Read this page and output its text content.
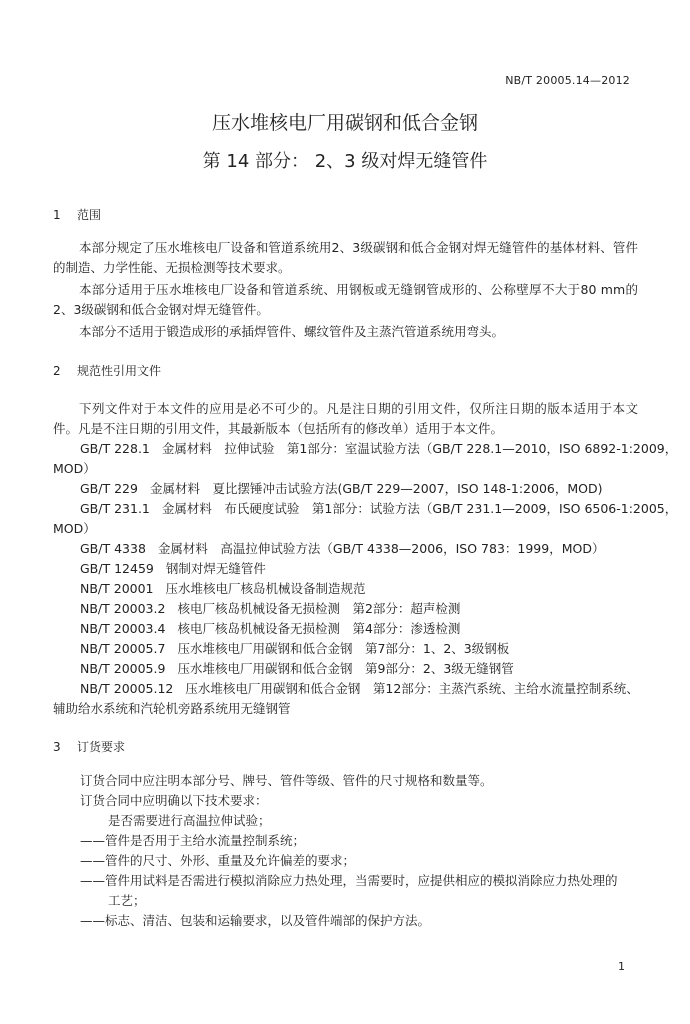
NB/T 20005.14—2012
压水堆核电厂用碳钢和低合金钢
第 14 部分： 2、3 级对焊无缝管件
1 范围
本部分规定了压水堆核电厂设备和管道系统用2、3级碳钢和低合金钢对焊无缝管件的基体材料、管件的制造、力学性能、无损检测等技术要求。
本部分适用于压水堆核电厂设备和管道系统、用钢板或无缝钢管成形的、公称壁厚不大于80 mm的2、3级碳钢和低合金钢对焊无缝管件。
本部分不适用于锻造成形的承插焊管件、螺纹管件及主蒸汽管道系统用弯头。
2 规范性引用文件
下列文件对于本文件的应用是必不可少的。凡是注日期的引用文件，仅所注日期的版本适用于本文件。凡是不注日期的引用文件，其最新版本（包括所有的修改单）适用于本文件。
GB/T 228.1 金属材料　拉伸试验　第1部分：室温试验方法（GB/T 228.1—2010，ISO 6892-1:2009，
MOD）
GB/T 229 金属材料　夏比摆锤冲击试验方法(GB/T 229—2007，ISO 148-1:2006，MOD)
GB/T 231.1 金属材料　布氏硬度试验　第1部分：试验方法（GB/T 231.1—2009，ISO 6506-1:2005，
MOD）
GB/T 4338 金属材料　高温拉伸试验方法（GB/T 4338—2006，ISO 783：1999，MOD）
GB/T 12459 钢制对焊无缝管件
NB/T 20001 压水堆核电厂核岛机械设备制造规范
NB/T 20003.2 核电厂核岛机械设备无损检测　第2部分：超声检测
NB/T 20003.4 核电厂核岛机械设备无损检测　第4部分：渗透检测
NB/T 20005.7 压水堆核电厂用碳钢和低合金钢　第7部分：1、2、3级钢板
NB/T 20005.9 压水堆核电厂用碳钢和低合金钢　第9部分：2、3级无缝钢管
NB/T 20005.12 压水堆核电厂用碳钢和低合金钢　第12部分：主蒸汽系统、主给水流量控制系统、
辅助给水系统和汽轮机旁路系统用无缝钢管
3 订货要求
订货合同中应注明本部分号、牌号、管件等级、管件的尺寸规格和数量等。
订货合同中应明确以下技术要求：
是否需要进行高温拉伸试验；
——管件是否用于主给水流量控制系统；
——管件的尺寸、外形、重量及允许偏差的要求；
——管件用试料是否需进行模拟消除应力热处理，当需要时，应提供相应的模拟消除应力热处理的
工艺；
——标志、清洁、包装和运输要求，以及管件端部的保护方法。
1
